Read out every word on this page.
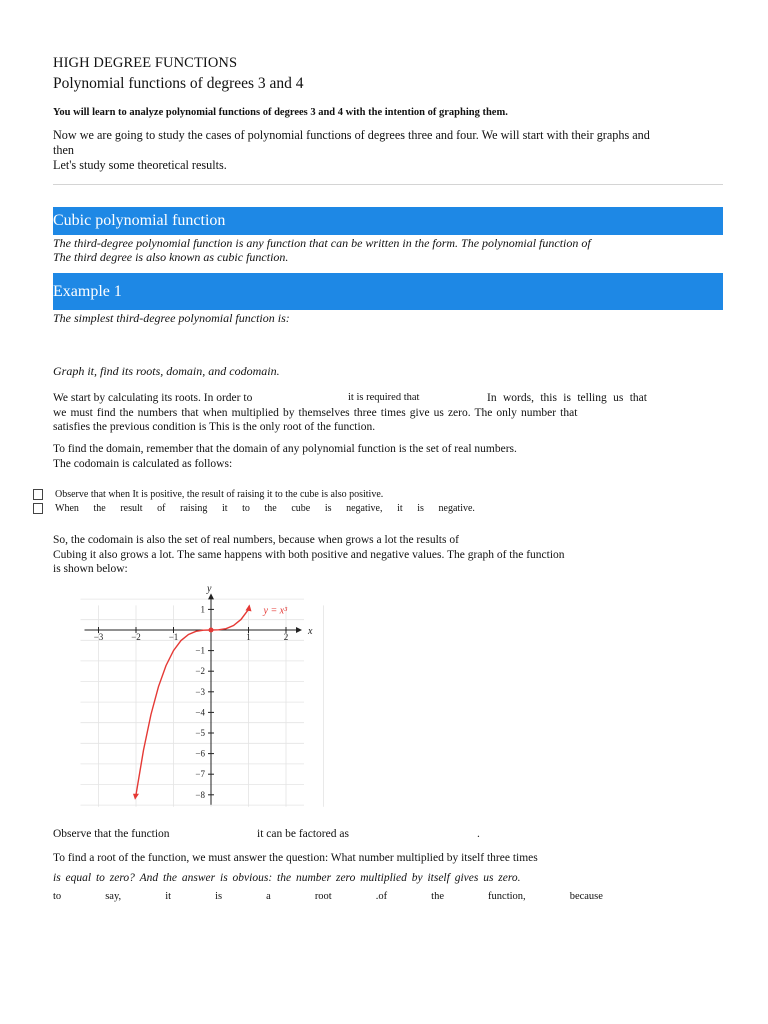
HIGH DEGREE FUNCTIONS
Polynomial functions of degrees 3 and 4
You will learn to analyze polynomial functions of degrees 3 and 4 with the intention of graphing them.
Now we are going to study the cases of polynomial functions of degrees three and four. We will start with their graphs and then
Let's study some theoretical results.
Cubic polynomial function
The third-degree polynomial function is any function that can be written in the form. The polynomial function of
The third degree is also known as cubic function.
Example 1
The simplest third-degree polynomial function is:
Graph it, find its roots, domain, and codomain.
We start by calculating its roots. In order to	it is required that	In words, this is telling us that
we must find the numbers that when multiplied by themselves three times give us zero. The only number that
satisfies the previous condition is This is the only root of the function.
To find the domain, remember that the domain of any polynomial function is the set of real numbers.
The codomain is calculated as follows:
Observe that when It is positive, the result of raising it to the cube is also positive.
When the result of raising it to the cube is negative, it is negative.
So, the codomain is also the set of real numbers, because when grows a lot the results of
Cubing it also grows a lot. The same happens with both positive and negative values. The graph of the function
is shown below:
x
y
−3	−2	−1	1	2
1
−1
−2
−3
−4
−5
−6
−7
−8
y = x³
Observe that the function	it can be factored as	.
To find a root of the function, we must answer the question: What number multiplied by itself three times
is equal to zero? And the answer is obvious: the number zero multiplied by itself gives us zero.
to	say,	it	is	a	root	.of	the	function,	because
